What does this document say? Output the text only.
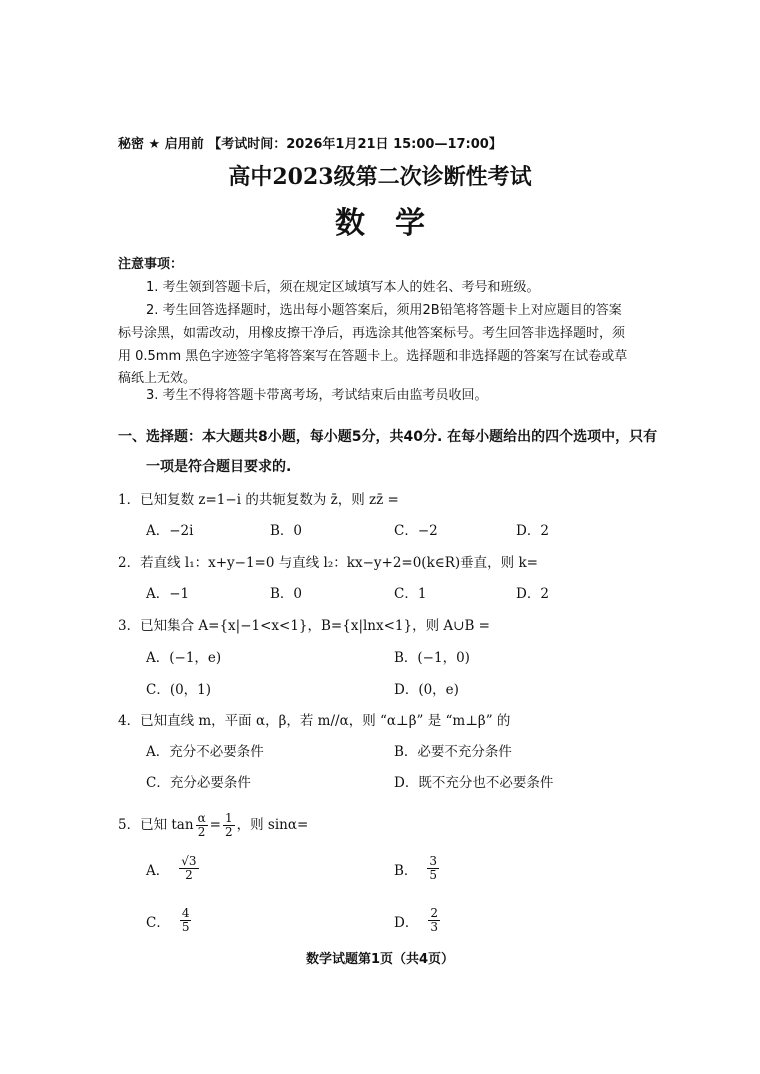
秘密 ★ 启用前 【考试时间：2026年1月21日 15:00—17:00】
高中2023级第二次诊断性考试
数学
注意事项：
1. 考生领到答题卡后，须在规定区域填写本人的姓名、考号和班级。
2. 考生回答选择题时，选出每小题答案后，须用2B铅笔将答题卡上对应题目的答案
标号涂黑，如需改动，用橡皮擦干净后，再选涂其他答案标号。考生回答非选择题时，须
用 0.5mm 黑色字迹签字笔将答案写在答题卡上。选择题和非选择题的答案写在试卷或草
稿纸上无效。
3. 考生不得将答题卡带离考场，考试结束后由监考员收回。
一、选择题：本大题共8小题，每小题5分，共40分. 在每小题给出的四个选项中，只有
一项是符合题目要求的.
1．已知复数 z=1−i 的共轭复数为 z̄，则 zz̄ =
A．−2i	B．0	C．−2	D．2
2．若直线 l₁：x+y−1=0 与直线 l₂：kx−y+2=0(k∈R)垂直，则 k=
A．−1	B．0	C．1	D．2
3．已知集合 A={x|−1<x<1}，B={x|lnx<1}，则 A∪B =
A．(−1，e)	B．(−1，0)
C．(0，1)	D．(0，e)
4．已知直线 m，平面 α，β，若 m//α，则 “α⊥β” 是 “m⊥β” 的
A．充分不必要条件	B．必要不充分条件
C．充分必要条件	D．既不充分也不必要条件
5．已知 $\tan \frac{\alpha}{2} = \frac{1}{2}$ ，则 sinα=
A． $\frac{√3}{2}$	B． $\frac{3}{5}$
C． $\frac{4}{5}$	D． $\frac{2}{3}$
数学试题第1页（共4页）
